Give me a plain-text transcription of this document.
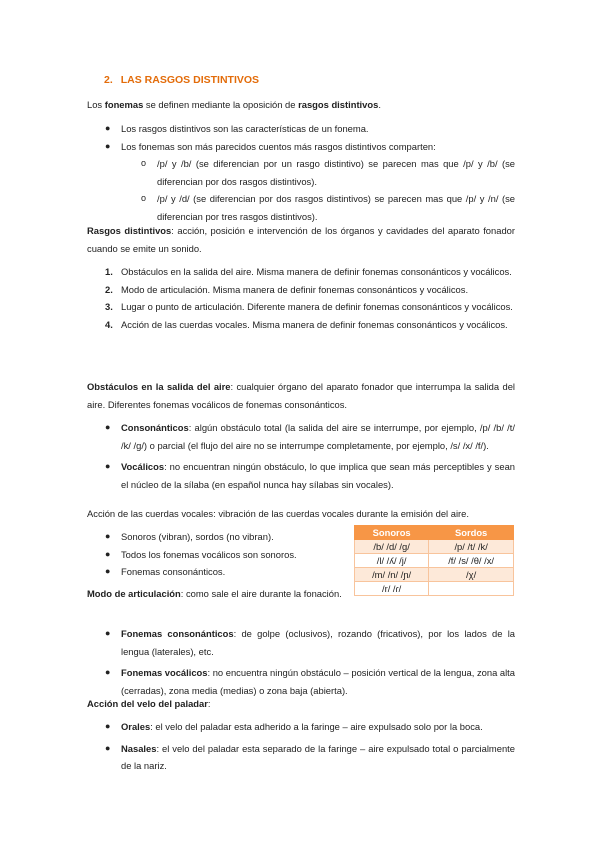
2. LAS RASGOS DISTINTIVOS

Los fonemas se definen mediante la oposición de rasgos distintivos.

● Los rasgos distintivos son las características de un fonema.
● Los fonemas son más parecidos cuentos más rasgos distintivos comparten:
o /p/ y /b/ (se diferencian por un rasgo distintivo) se parecen mas que /p/ y /b/ (se diferencian por dos rasgos distintivos).
o /p/ y /d/ (se diferencian por dos rasgos distintivos) se parecen mas que /p/ y /n/ (se diferencian por tres rasgos distintivos).

Rasgos distintivos: acción, posición e intervención de los órganos y cavidades del aparato fonador cuando se emite un sonido.

1. Obstáculos en la salida del aire. Misma manera de definir fonemas consonánticos y vocálicos.
2. Modo de articulación. Misma manera de definir fonemas consonánticos y vocálicos.
3. Lugar o punto de articulación. Diferente manera de definir fonemas consonánticos y vocálicos.
4. Acción de las cuerdas vocales. Misma manera de definir fonemas consonánticos y vocálicos.

Obstáculos en la salida del aire: cualquier órgano del aparato fonador que interrumpa la salida del aire. Diferentes fonemas vocálicos de fonemas consonánticos.

● Consonánticos: algún obstáculo total (la salida del aire se interrumpe, por ejemplo, /p/ /b/ /t/ /k/ /g/) o parcial (el flujo del aire no se interrumpe completamente, por ejemplo, /s/ /x/ /f/).
● Vocálicos: no encuentran ningún obstáculo, lo que implica que sean más perceptibles y sean el núcleo de la sílaba (en español nunca hay sílabas sin vocales).

Acción de las cuerdas vocales: vibración de las cuerdas vocales durante la emisión del aire.

● Sonoros (vibran), sordos (no vibran).
● Todos los fonemas vocálicos son sonoros.
● Fonemas consonánticos.
Sonoros	Sordos
/b/ /d/ /g/	/p/ /t/ /k/
/l/ /ʎ/ /j/	/f/ /s/ /θ/ /x/
/m/ /n/ /ɲ/	/χ/
/r/ /ɾ/	

Modo de articulación: como sale el aire durante la fonación.

● Fonemas consonánticos: de golpe (oclusivos), rozando (fricativos), por los lados de la lengua (laterales), etc.
● Fonemas vocálicos: no encuentra ningún obstáculo – posición vertical de la lengua, zona alta (cerradas), zona media (medias) o zona baja (abierta).

Acción del velo del paladar:

● Orales: el velo del paladar esta adherido a la faringe – aire expulsado solo por la boca.
● Nasales: el velo del paladar esta separado de la faringe – aire expulsado total o parcialmente de la nariz.
